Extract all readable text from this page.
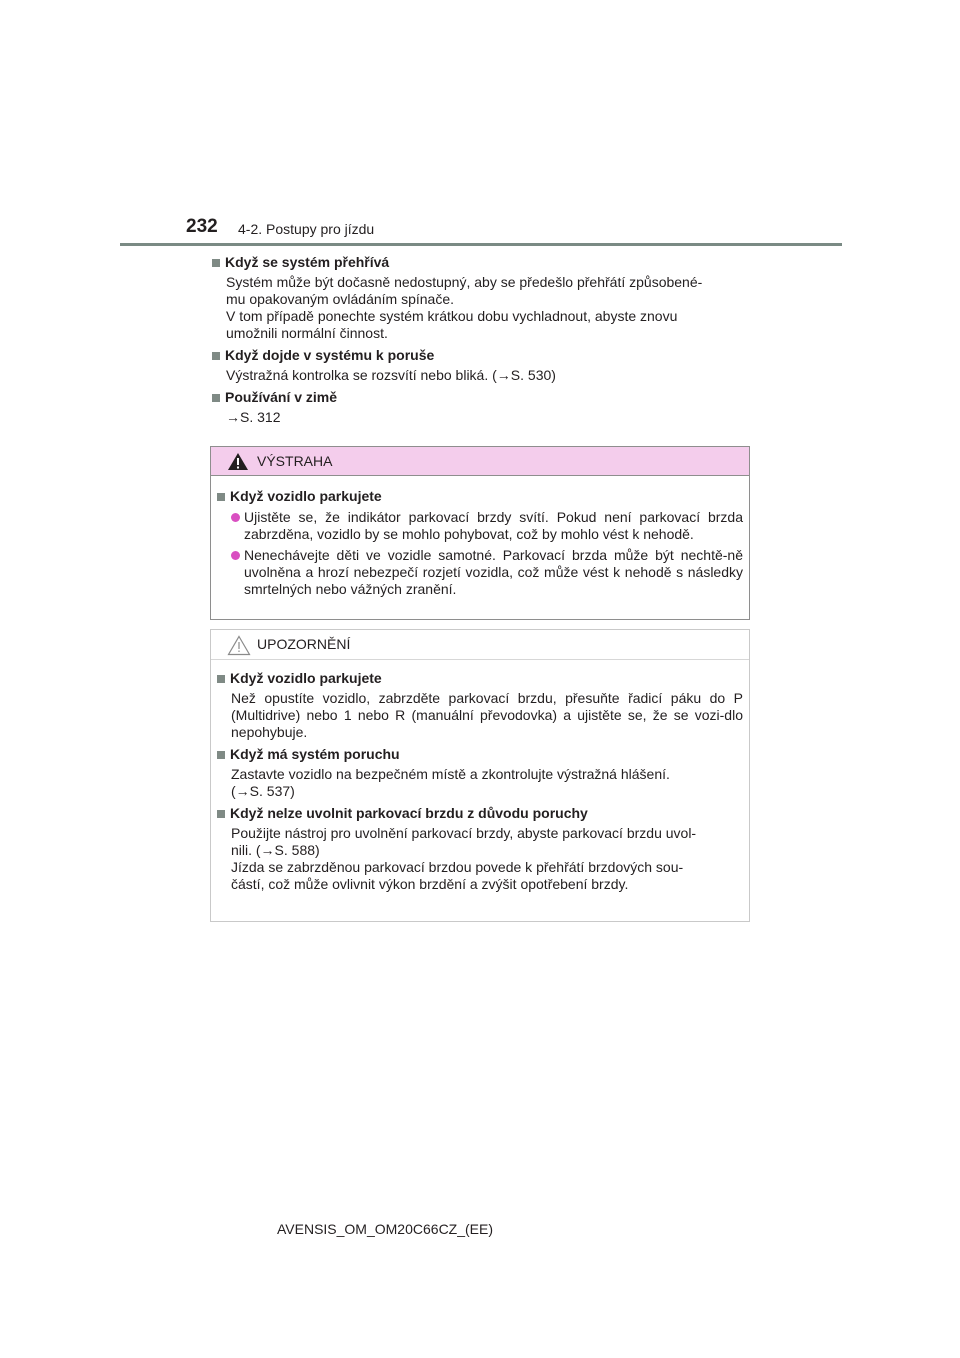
232 4-2. Postupy pro jízdu
Když se systém přehřívá
Systém může být dočasně nedostupný, aby se předešlo přehřátí způsobené-
mu opakovaným ovládáním spínače.
V tom případě ponechte systém krátkou dobu vychladnout, abyste znovu
umožnili normální činnost.
Když dojde v systému k poruše
Výstražná kontrolka se rozsvítí nebo bliká. (→S. 530)
Používání v zimě
→S. 312
VÝSTRAHA
Když vozidlo parkujete
Ujistěte se, že indikátor parkovací brzdy svítí. Pokud není parkovací brzda zabrzděna, vozidlo by se mohlo pohybovat, což by mohlo vést k nehodě.
Nenechávejte děti ve vozidle samotné. Parkovací brzda může být nechtě-ně uvolněna a hrozí nebezpečí rozjetí vozidla, což může vést k nehodě s následky smrtelných nebo vážných zranění.
UPOZORNĚNÍ
Když vozidlo parkujete
Než opustíte vozidlo, zabrzděte parkovací brzdu, přesuňte řadicí páku do P (Multidrive) nebo 1 nebo R (manuální převodovka) a ujistěte se, že se vozi-dlo nepohybuje.
Když má systém poruchu
Zastavte vozidlo na bezpečném místě a zkontrolujte výstražná hlášení.
(→S. 537)
Když nelze uvolnit parkovací brzdu z důvodu poruchy
Použijte nástroj pro uvolnění parkovací brzdy, abyste parkovací brzdu uvol-
nili. (→S. 588)
Jízda se zabrzděnou parkovací brzdou povede k přehřátí brzdových sou-
částí, což může ovlivnit výkon brzdění a zvýšit opotřebení brzdy.
AVENSIS_OM_OM20C66CZ_(EE)
